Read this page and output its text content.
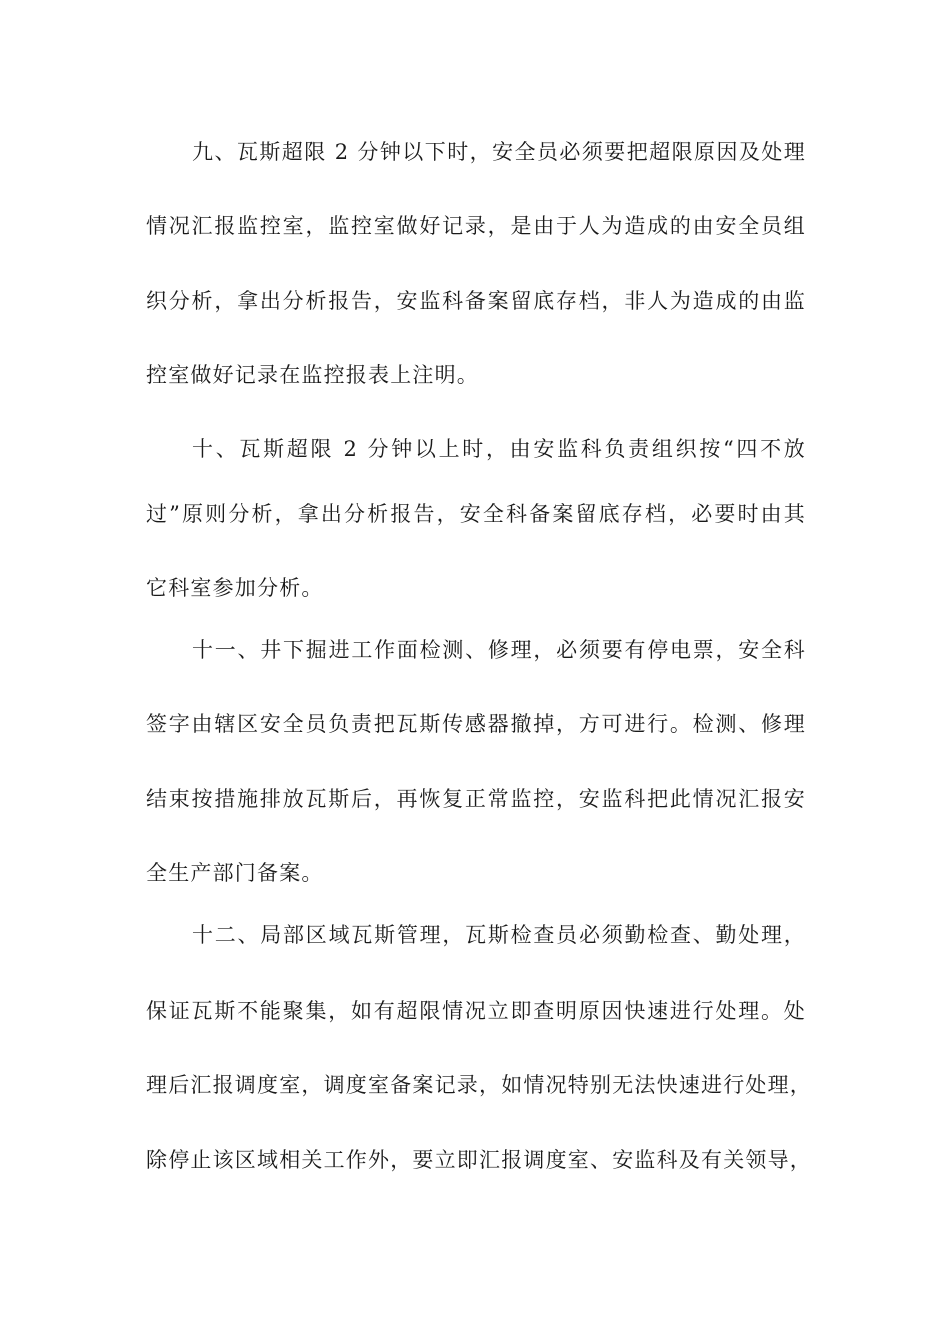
九、瓦斯超限 2 分钟以下时，安全员必须要把超限原因及处理
情况汇报监控室，监控室做好记录，是由于人为造成的由安全员组
织分析，拿出分析报告，安监科备案留底存档，非人为造成的由监
控室做好记录在监控报表上注明。
十、瓦斯超限 2 分钟以上时，由安监科负责组织按“四不放
过”原则分析，拿出分析报告，安全科备案留底存档，必要时由其
它科室参加分析。
十一、井下掘进工作面检测、修理，必须要有停电票，安全科
签字由辖区安全员负责把瓦斯传感器撤掉，方可进行。检测、修理
结束按措施排放瓦斯后，再恢复正常监控，安监科把此情况汇报安
全生产部门备案。
十二、局部区域瓦斯管理，瓦斯检查员必须勤检查、勤处理，
保证瓦斯不能聚集，如有超限情况立即查明原因快速进行处理。处
理后汇报调度室，调度室备案记录，如情况特别无法快速进行处理，
除停止该区域相关工作外，要立即汇报调度室、安监科及有关领导，
